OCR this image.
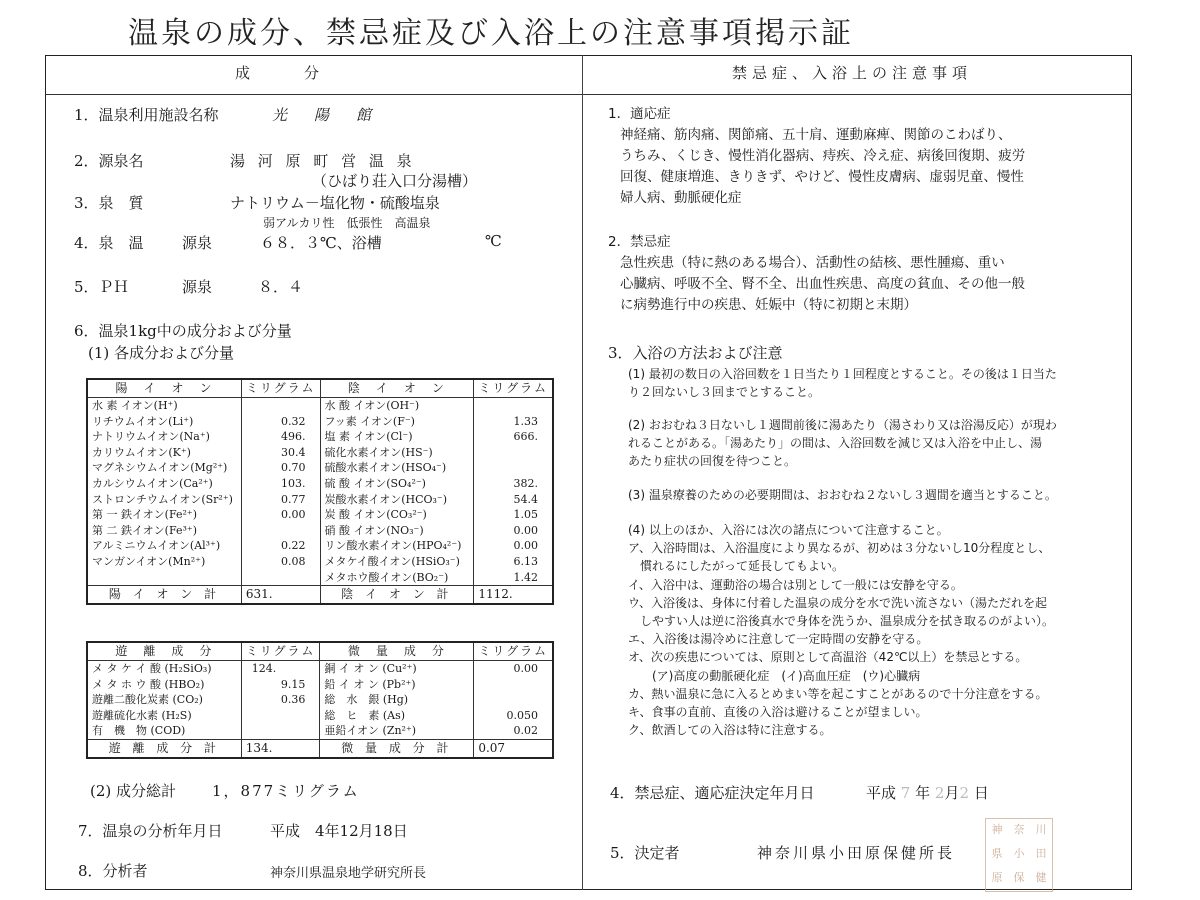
温泉の成分、禁忌症及び入浴上の注意事項掲示証
成　　分	禁忌症、入浴上の注意事項
1．温泉利用施設名称	光　陽　館
2．源泉名	湯 河 原 町 営 温 泉
（ひばり荘入口分湯槽）
3．泉　質	ナトリウム－塩化物・硫酸塩泉
弱アルカリ性　低張性　高温泉
4．泉　温	源泉	６８．３℃、浴槽	℃
5．ＰＨ	源泉	８．４
6．温泉1kg中の成分および分量
(1) 各成分および分量
陽　イ　オ　ン	ミリグラム	陰　イ　オ　ン	ミリグラム
水 素 イオン(H⁺)		水 酸 イオン(OH⁻)	
リチウムイオン(Li⁺)	0.32	フッ素 イオン(F⁻)	1.33
ナトリウムイオン(Na⁺)	496.	塩 素 イオン(Cl⁻)	666.
カリウムイオン(K⁺)	30.4	硫化水素イオン(HS⁻)	
マグネシウムイオン(Mg²⁺)	0.70	硫酸水素イオン(HSO₄⁻)	
カルシウムイオン(Ca²⁺)	103.	硫 酸 イオン(SO₄²⁻)	382.
ストロンチウムイオン(Sr²⁺)	0.77	炭酸水素イオン(HCO₃⁻)	54.4
第 一 鉄イオン(Fe²⁺)	0.00	炭 酸 イオン(CO₃²⁻)	1.05
第 二 鉄イオン(Fe³⁺)		硝 酸 イオン(NO₃⁻)	0.00
アルミニウムイオン(Al³⁺)	0.22	リン酸水素イオン(HPO₄²⁻)	0.00
マンガンイオン(Mn²⁺)	0.08	メタケイ酸イオン(HSiO₃⁻)	6.13
		メタホウ酸イオン(BO₂⁻)	1.42
陽 イ オ ン 計	631.	陰 イ オ ン 計	1112.
遊　離　成　分	ミリグラム	微　量　成　分	ミリグラム
メ タ ケ イ 酸 (H₂SiO₃)	124.	銅 イ オ ン (Cu²⁺)	0.00
メ タ ホ ウ 酸 (HBO₂)	9.15	鉛 イ オ ン (Pb²⁺)	
遊離二酸化炭素 (CO₂)	0.36	総　水　銀 (Hg)	
遊離硫化水素 (H₂S)		総　ヒ　素 (As)	0.050
有　機　物 (COD)		亜鉛イオン (Zn²⁺)	0.02
遊 離 成 分 計	134.	微 量 成 分 計	0.07
(2) 成分総計 1，877ミリグラム
7．温泉の分析年月日	平成　4年12月18日
8．分析者	神奈川県温泉地学研究所長
1．適応症
神経痛、筋肉痛、関節痛、五十肩、運動麻痺、関節のこわばり、
うちみ、くじき、慢性消化器病、痔疾、冷え症、病後回復期、疲労
回復、健康増進、きりきず、やけど、慢性皮膚病、虚弱児童、慢性
婦人病、動脈硬化症
2．禁忌症
急性疾患（特に熱のある場合）、活動性の結核、悪性腫瘍、重い
心臓病、呼吸不全、腎不全、出血性疾患、高度の貧血、その他一般
に病勢進行中の疾患、妊娠中（特に初期と末期）
3．入浴の方法および注意
(1) 最初の数日の入浴回数を１日当たり１回程度とすること。その後は１日当た
り２回ないし３回までとすること。
(2) おおむね３日ないし１週間前後に湯あたり（湯さわり又は浴湯反応）が現わ
れることがある。「湯あたり」の間は、入浴回数を減じ又は入浴を中止し、湯
あたり症状の回復を待つこと。
(3) 温泉療養のための必要期間は、おおむね２ないし３週間を適当とすること。
(4) 以上のほか、入浴には次の諸点について注意すること。
ア、入浴時間は、入浴温度により異なるが、初めは３分ないし10分程度とし、
　慣れるにしたがって延長してもよい。
イ、入浴中は、運動浴の場合は別として一般には安静を守る。
ウ、入浴後は、身体に付着した温泉の成分を水で洗い流さない（湯ただれを起
　しやすい人は逆に浴後真水で身体を洗うか、温泉成分を拭き取るのがよい）。
エ、入浴後は湯冷めに注意して一定時間の安静を守る。
オ、次の疾患については、原則として高温浴（42℃以上）を禁忌とする。
　　(ア)高度の動脈硬化症　(イ)高血圧症　(ウ)心臓病
カ、熱い温泉に急に入るとめまい等を起こすことがあるので十分注意をする。
キ、食事の直前、直後の入浴は避けることが望ましい。
ク、飲酒しての入浴は特に注意する。
4．禁忌症、適応症決定年月日	平成 7 年 2月2 日
5．決定者	神奈川県小田原保健所長
神	奈	川
県	小	田
原	保	健
